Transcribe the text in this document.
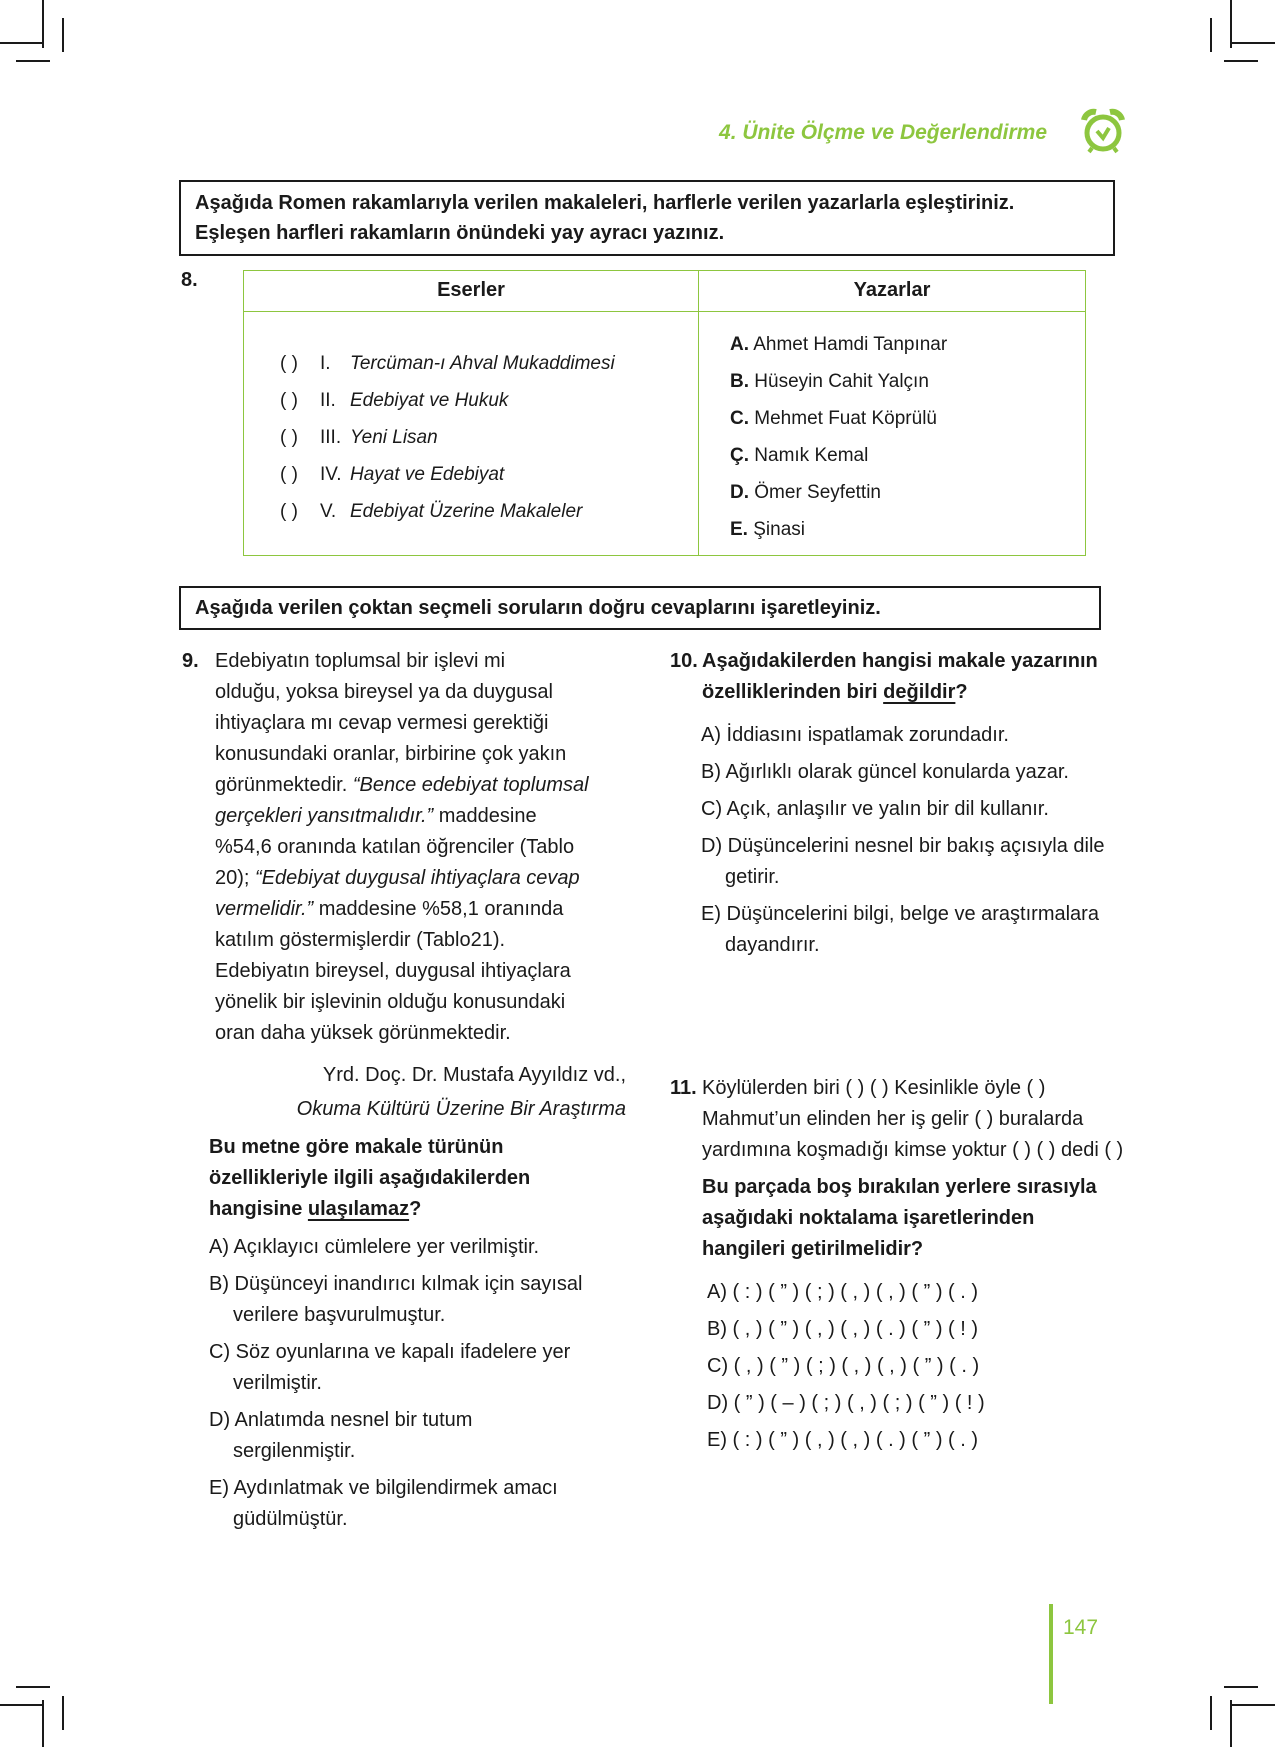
4. Ünite Ölçme ve Değerlendirme
Aşağıda Romen rakamlarıyla verilen makaleleri, harflerle verilen yazarlarla eşleştiriniz.
Eşleşen harfleri rakamların önündeki yay ayracı yazınız.
8.	Eserler	Yazarlar
( ) I. Tercüman-ı Ahval Mukaddimesi
( ) II. Edebiyat ve Hukuk
( ) III. Yeni Lisan
( ) IV. Hayat ve Edebiyat
( ) V. Edebiyat Üzerine Makaleler
A. Ahmet Hamdi Tanpınar
B. Hüseyin Cahit Yalçın
C. Mehmet Fuat Köprülü
Ç. Namık Kemal
D. Ömer Seyfettin
E. Şinasi
Aşağıda verilen çoktan seçmeli soruların doğru cevaplarını işaretleyiniz.
9. Edebiyatın toplumsal bir işlevi mi
olduğu, yoksa bireysel ya da duygusal
ihtiyaçlara mı cevap vermesi gerektiği
konusundaki oranlar, birbirine çok yakın
görünmektedir. “Bence edebiyat toplumsal
gerçekleri yansıtmalıdır.” maddesine
%54,6 oranında katılan öğrenciler (Tablo
20); “Edebiyat duygusal ihtiyaçlara cevap
vermelidir.” maddesine %58,1 oranında
katılım göstermişlerdir (Tablo21).
Edebiyatın bireysel, duygusal ihtiyaçlara
yönelik bir işlevinin olduğu konusundaki
oran daha yüksek görünmektedir.
Yrd. Doç. Dr. Mustafa Ayyıldız vd.,
Okuma Kültürü Üzerine Bir Araştırma
Bu metne göre makale türünün
özellikleriyle ilgili aşağıdakilerden
hangisine ulaşılamaz?
A) Açıklayıcı cümlelere yer verilmiştir.
B) Düşünceyi inandırıcı kılmak için sayısal
verilere başvurulmuştur.
C) Söz oyunlarına ve kapalı ifadelere yer
verilmiştir.
D) Anlatımda nesnel bir tutum
sergilenmiştir.
E) Aydınlatmak ve bilgilendirmek amacı
güdülmüştür.
10. Aşağıdakilerden hangisi makale yazarının
özelliklerinden biri değildir?
A) İddiasını ispatlamak zorundadır.
B) Ağırlıklı olarak güncel konularda yazar.
C) Açık, anlaşılır ve yalın bir dil kullanır.
D) Düşüncelerini nesnel bir bakış açısıyla dile
getirir.
E) Düşüncelerini bilgi, belge ve araştırmalara
dayandırır.
11. Köylülerden biri ( ) ( ) Kesinlikle öyle ( )
Mahmut’un elinden her iş gelir ( ) buralarda
yardımına koşmadığı kimse yoktur ( ) ( ) dedi ( )
Bu parçada boş bırakılan yerlere sırasıyla
aşağıdaki noktalama işaretlerinden
hangileri getirilmelidir?
A) ( : ) ( ” ) ( ; ) ( , ) ( , ) ( ” ) ( . )
B) ( , ) ( ” ) ( , ) ( , ) ( . ) ( ” ) ( ! )
C) ( , ) ( ” ) ( ; ) ( , ) ( , ) ( ” ) ( . )
D) ( ” ) ( – ) ( ; ) ( , ) ( ; ) ( ” ) ( ! )
E) ( : ) ( ” ) ( , ) ( , ) ( . ) ( ” ) ( . )
147
